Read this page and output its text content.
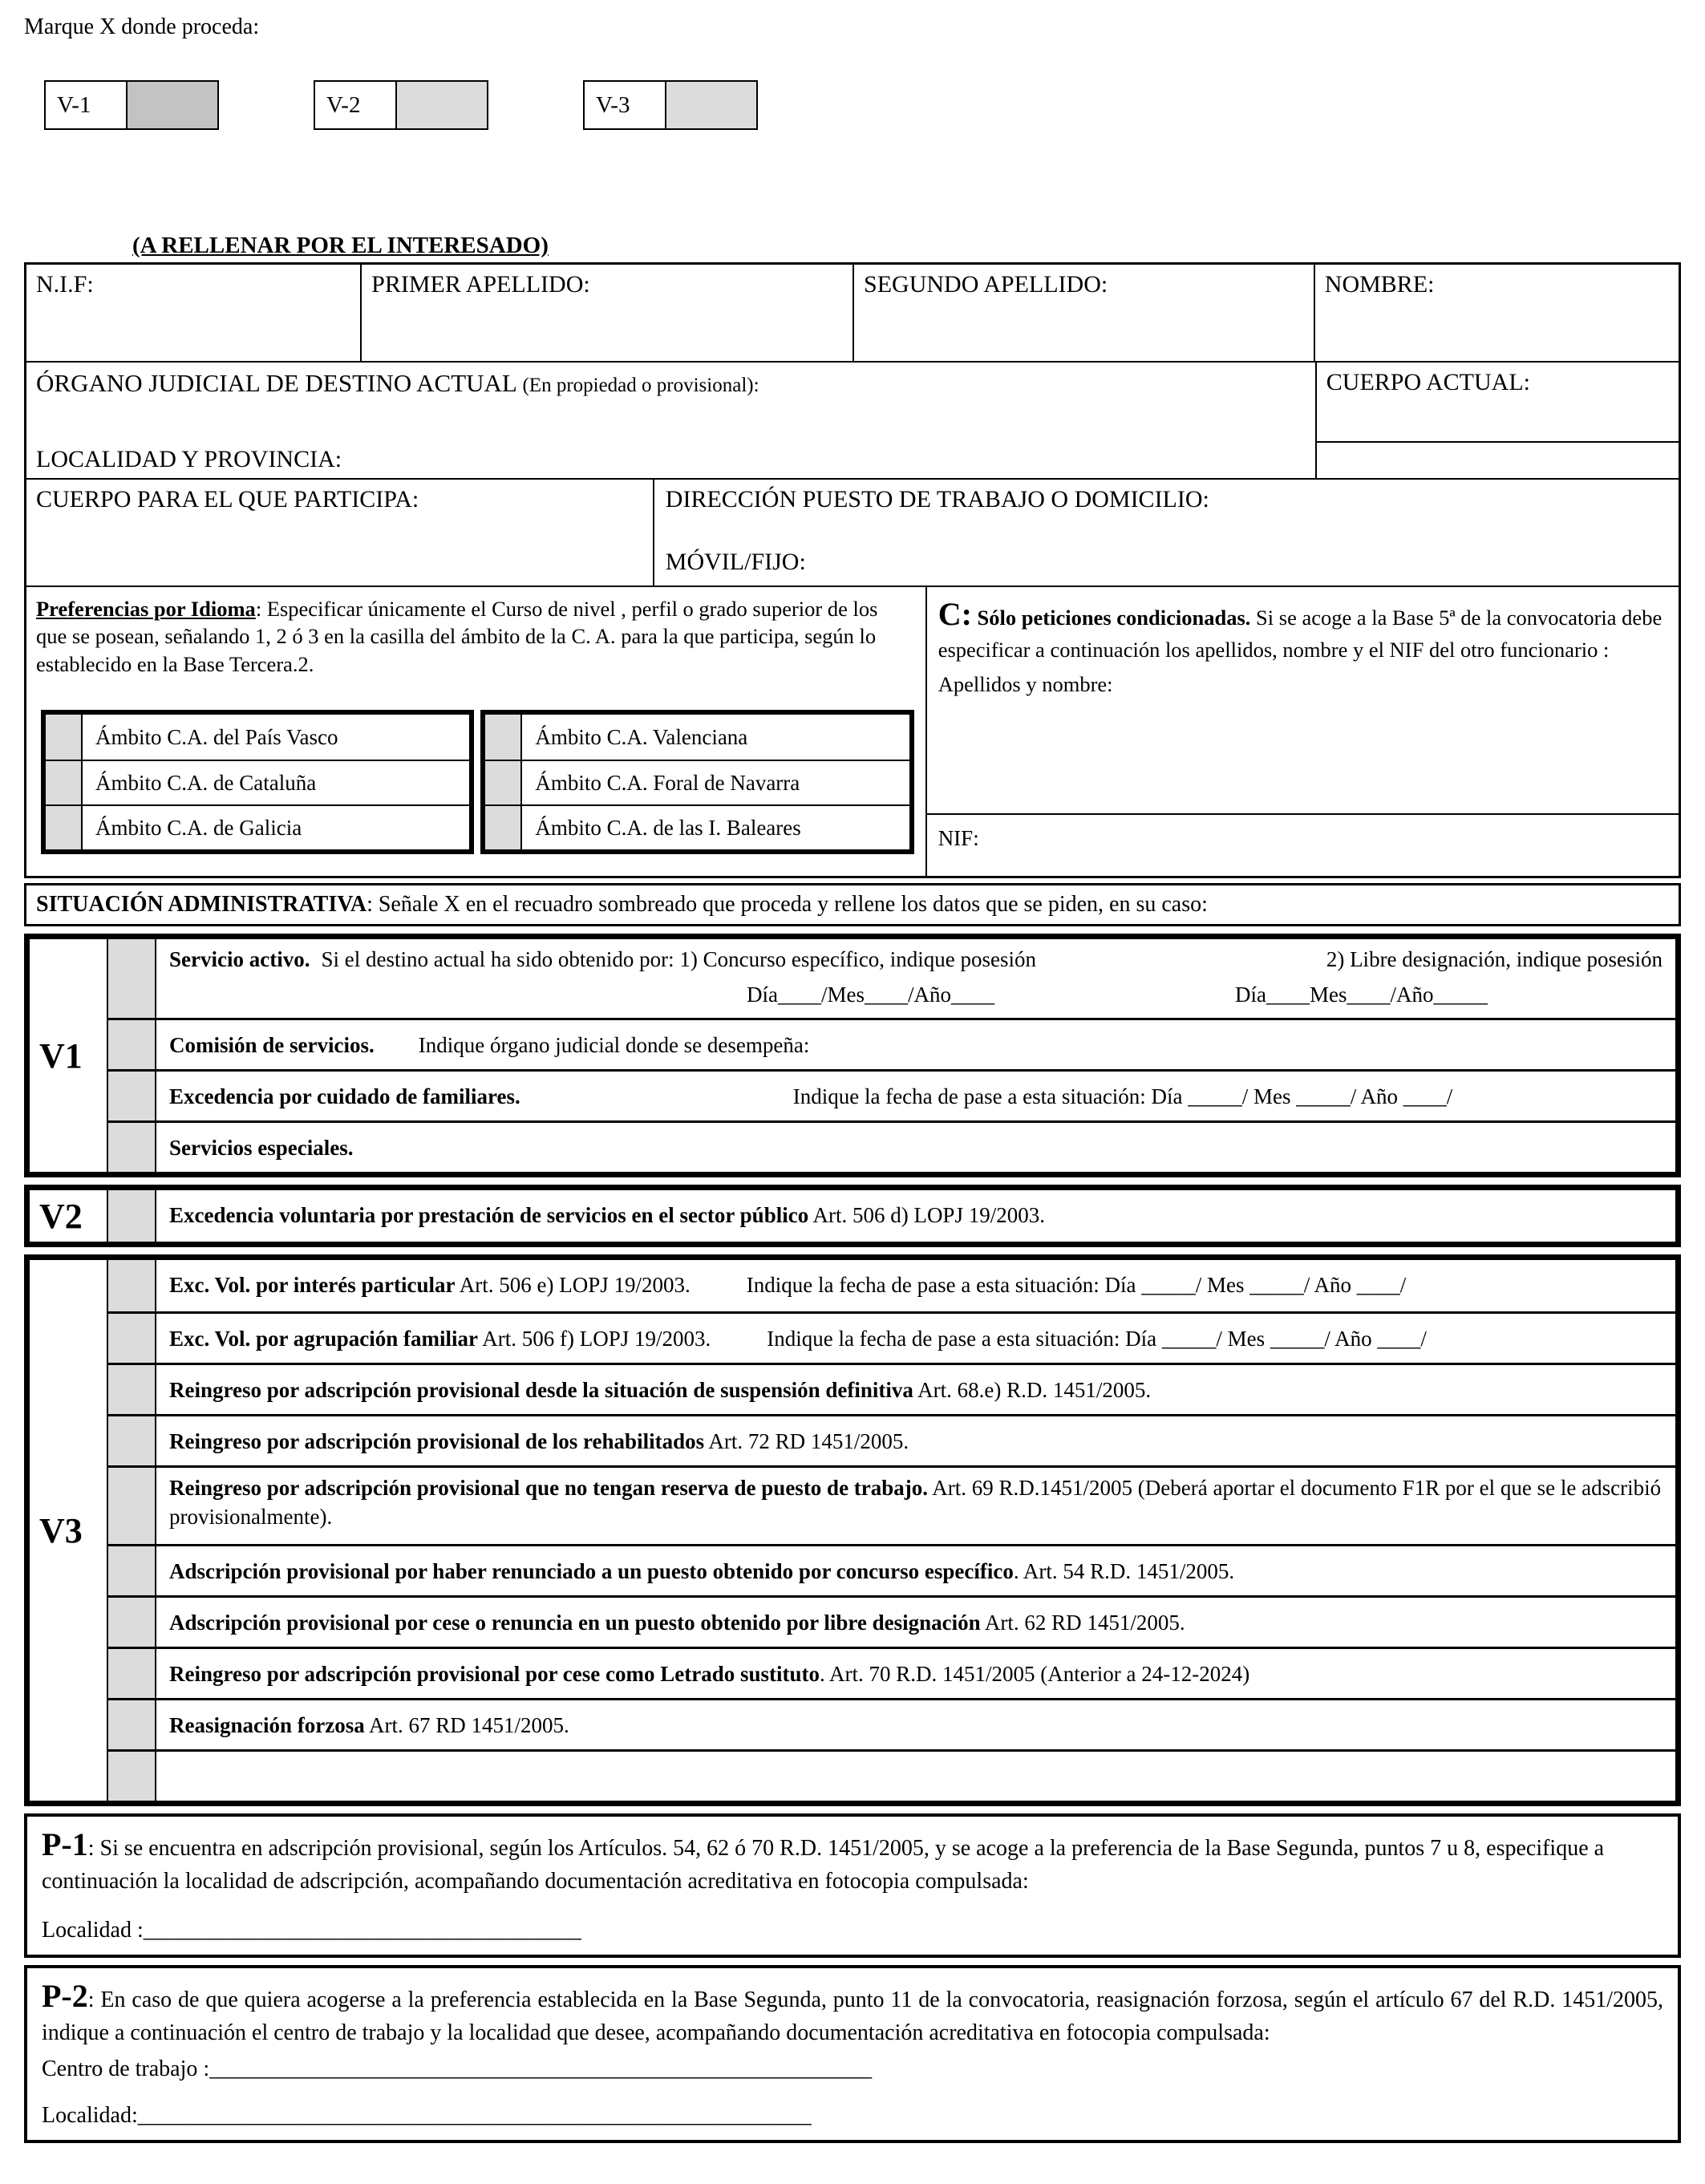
Marque X donde proceda:
V-1	V-2	V-3
(A RELLENAR POR EL INTERESADO)
N.I.F:	PRIMER APELLIDO:	SEGUNDO APELLIDO:	NOMBRE:
ÓRGANO JUDICIAL DE DESTINO ACTUAL (En propiedad o provisional):
LOCALIDAD Y PROVINCIA:
CUERPO ACTUAL:
CUERPO PARA EL QUE PARTICIPA:	DIRECCIÓN PUESTO DE TRABAJO O DOMICILIO:
MÓVIL/FIJO:
Preferencias por Idioma: Especificar únicamente el Curso de nivel , perfil o grado superior de los que se posean, señalando 1, 2 ó 3 en la casilla del ámbito de la C. A. para la que participa, según lo establecido en la Base Tercera.2.
Ámbito C.A. del País Vasco
Ámbito C.A. de Cataluña
Ámbito C.A. de Galicia
Ámbito C.A. Valenciana
Ámbito C.A. Foral de Navarra
Ámbito C.A. de las I. Baleares

C: Sólo peticiones condicionadas. Si se acoge a la Base 5ª de la convocatoria debe especificar a continuación los apellidos, nombre y el NIF del otro funcionario :

Apellidos y nombre:
NIF:
SITUACIÓN ADMINISTRATIVA: Señale X en el recuadro sombreado que proceda y rellene los datos que se piden, en su caso:
V1
Servicio activo. Si el destino actual ha sido obtenido por: 1) Concurso específico, indique posesión	2) Libre designación, indique posesión
Día____/Mes____/Año____	Día____Mes____/Año_____
Comisión de servicios. Indique órgano judicial donde se desempeña:
Excedencia por cuidado de familiares.	Indique la fecha de pase a esta situación: Día _____/ Mes _____/ Año ____/
Servicios especiales.
V2	Excedencia voluntaria por prestación de servicios en el sector público Art. 506 d) LOPJ 19/2003.
V3
Exc. Vol. por interés particular Art. 506 e) LOPJ 19/2003.	Indique la fecha de pase a esta situación: Día _____/ Mes _____/ Año ____/
Exc. Vol. por agrupación familiar Art. 506 f) LOPJ 19/2003.	Indique la fecha de pase a esta situación: Día _____/ Mes _____/ Año ____/
Reingreso por adscripción provisional desde la situación de suspensión definitiva Art. 68.e) R.D. 1451/2005.
Reingreso por adscripción provisional de los rehabilitados Art. 72 RD 1451/2005.
Reingreso por adscripción provisional que no tengan reserva de puesto de trabajo. Art. 69 R.D.1451/2005 (Deberá aportar el documento F1R por el que se le adscribió provisionalmente).
Adscripción provisional por haber renunciado a un puesto obtenido por concurso específico. Art. 54 R.D. 1451/2005.
Adscripción provisional por cese o renuncia en un puesto obtenido por libre designación Art. 62 RD 1451/2005.
Reingreso por adscripción provisional por cese como Letrado sustituto. Art. 70 R.D. 1451/2005 (Anterior a 24-12-2024)
Reasignación forzosa Art. 67 RD 1451/2005.

P-1: Si se encuentra en adscripción provisional, según los Artículos. 54, 62 ó 70 R.D. 1451/2005, y se acoge a la preferencia de la Base Segunda, puntos 7 u 8, especifique a continuación la localidad de adscripción, acompañando documentación acreditativa en fotocopia compulsada:

Localidad :_______________________________________

P-2: En caso de que quiera acogerse a la preferencia establecida en la Base Segunda, punto 11 de la convocatoria, reasignación forzosa, según el artículo 67 del R.D. 1451/2005, indique a continuación el centro de trabajo y la localidad que desee, acompañando documentación acreditativa en fotocopia compulsada:

Centro de trabajo :___________________________________________________________
Localidad:____________________________________________________________
